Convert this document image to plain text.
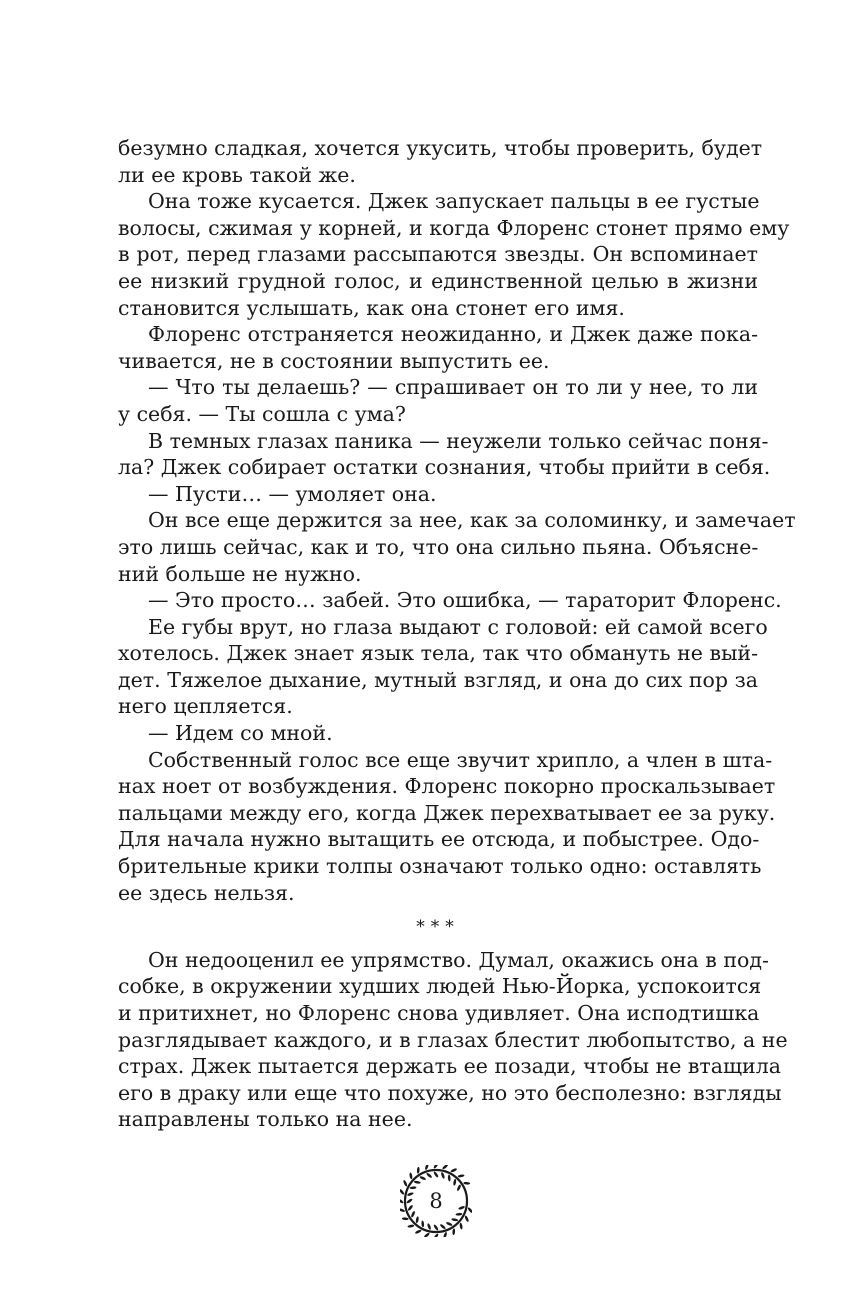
безумно сладкая, хочется укусить, чтобы проверить, будет
ли ее кровь такой же.
Она тоже кусается. Джек запускает пальцы в ее густые
волосы, сжимая у корней, и когда Флоренс стонет прямо ему
в рот, перед глазами рассыпаются звезды. Он вспоминает
ее низкий грудной голос, и единственной целью в жизни
становится услышать, как она стонет его имя.
Флоренс отстраняется неожиданно, и Джек даже пока-
чивается, не в состоянии выпустить ее.
— Что ты делаешь? — спрашивает он то ли у нее, то ли
у себя. — Ты сошла с ума?
В темных глазах паника — неужели только сейчас поня-
ла? Джек собирает остатки сознания, чтобы прийти в себя.
— Пусти… — умоляет она.
Он все еще держится за нее, как за соломинку, и замечает
это лишь сейчас, как и то, что она сильно пьяна. Объяснe-
ний больше не нужно.
— Это просто… забей. Это ошибка, — тараторит Флоренс.
Ее губы врут, но глаза выдают с головой: ей самой всего
хотелось. Джек знает язык тела, так что обмануть не вый-
дет. Тяжелое дыхание, мутный взгляд, и она до сих пор за
него цепляется.
— Идем со мной.
Собственный голос все еще звучит хрипло, а член в шта-
нах ноет от возбуждения. Флоренс покорно проскальзывает
пальцами между его, когда Джек перехватывает ее за руку.
Для начала нужно вытащить ее отсюда, и побыстрее. Одо-
брительные крики толпы означают только одно: оставлять
ее здесь нельзя.
***
Он недооценил ее упрямство. Думал, окажись она в под-
собке, в окружении худших людей Нью-Йорка, успокоится
и притихнет, но Флоренс снова удивляет. Она исподтишка
разглядывает каждого, и в глазах блестит любопытство, а не
страх. Джек пытается держать ее позади, чтобы не втащила
его в драку или еще что похуже, но это бесполезно: взгляды
направлены только на нее.
8
